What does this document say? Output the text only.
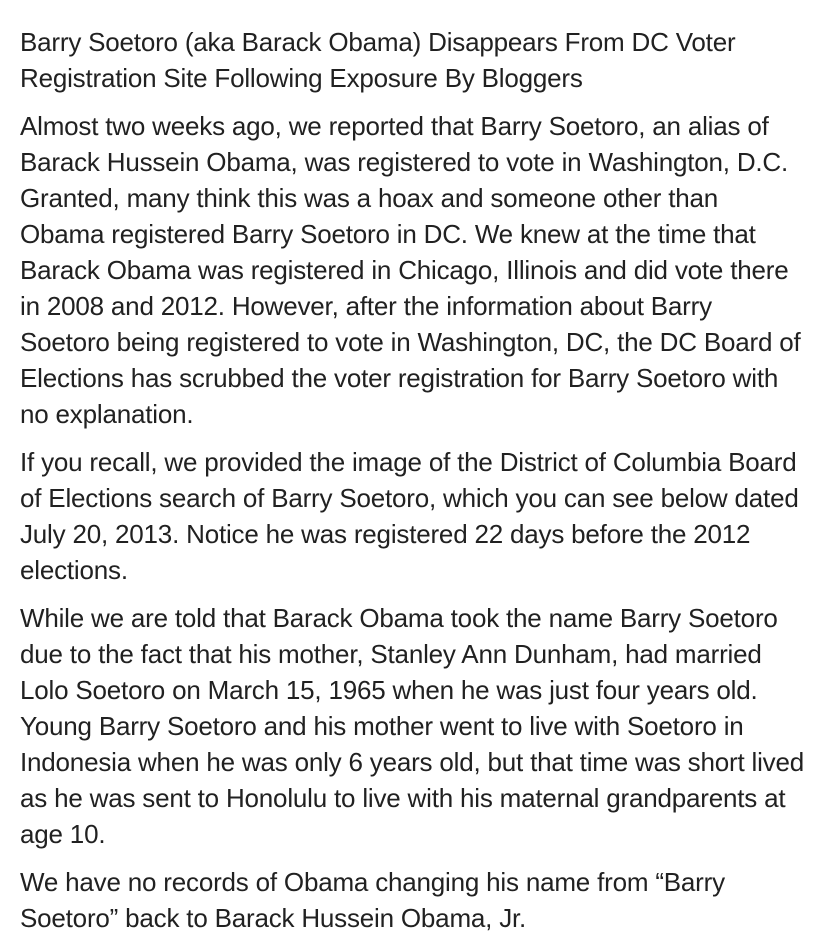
Barry Soetoro (aka Barack Obama) Disappears From DC Voter Registration Site Following Exposure By Bloggers

Almost two weeks ago, we reported that Barry Soetoro, an alias of Barack Hussein Obama, was registered to vote in Washington, D.C. Granted, many think this was a hoax and someone other than Obama registered Barry Soetoro in DC. We knew at the time that Barack Obama was registered in Chicago, Illinois and did vote there in 2008 and 2012. However, after the information about Barry Soetoro being registered to vote in Washington, DC, the DC Board of Elections has scrubbed the voter registration for Barry Soetoro with no explanation.

If you recall, we provided the image of the District of Columbia Board of Elections search of Barry Soetoro, which you can see below dated July 20, 2013. Notice he was registered 22 days before the 2012 elections.

While we are told that Barack Obama took the name Barry Soetoro due to the fact that his mother, Stanley Ann Dunham, had married Lolo Soetoro on March 15, 1965 when he was just four years old. Young Barry Soetoro and his mother went to live with Soetoro in Indonesia when he was only 6 years old, but that time was short lived as he was sent to Honolulu to live with his maternal grandparents at age 10.

We have no records of Obama changing his name from “Barry Soetoro” back to Barack Hussein Obama, Jr.
